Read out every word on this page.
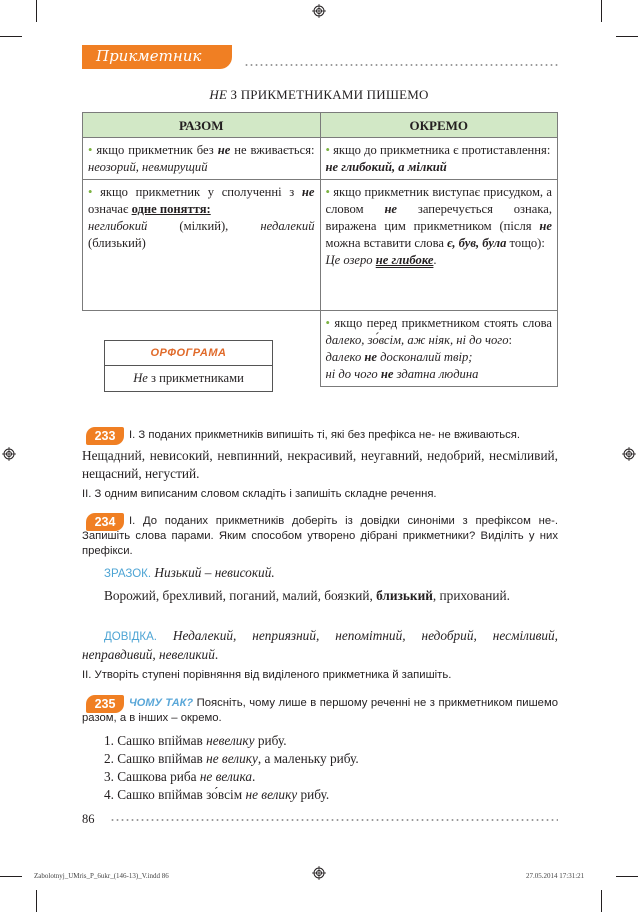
Прикметник
НЕ З ПРИКМЕТНИКАМИ ПИШЕМО
РАЗОМ	ОКРЕМО
• якщо прикметник без не не вживається: неозорий, невмирущий	• якщо до прикметника є протиставлення:
не глибокий, а мілкий
• якщо прикметник у сполученні з не означає одне поняття:
неглибокий (мілкий), недалекий (близький)	• якщо прикметник виступає присудком, а словом не заперечується ознака, виражена цим прикметником (після не можна вставити слова є, був, була тощо):
Це озеро не глибоке.
	• якщо перед прикметником стоять слова далеко, зо́всім, аж ніяк, ні до чого:
далеко не досконалий твір;
ні до чого не здатна людина
ОРФОГРАМА
Не з прикметниками
233	І. З поданих прикметників випишіть ті, які без префікса не- не вживаються.
Нещадний, невисокий, невпинний, некрасивий, неугавний, недобрий, несміливий, нещасний, негустий.
ІІ. З одним виписаним словом складіть і запишіть складне речення.
234	І. До поданих прикметників доберіть із довідки синоніми з префіксом не-. Запишіть слова парами. Яким способом утворено дібрані прикметники? Виділіть у них префікси.
ЗРАЗОК. Низький – невисокий.
Ворожий, брехливий, поганий, малий, боязкий, близький, прихований.
ДОВІДКА. Недалекий, неприязний, непомітний, недобрий, несміливий, неправдивий, невеликий.
ІІ. Утворіть ступені порівняння від виділеного прикметника й запишіть.
235	ЧОМУ ТАК? Поясніть, чому лише в першому реченні не з прикметником пишемо разом, а в інших – окремо.
1. Сашко впіймав невелику рибу.
2. Сашко впіймав не велику, а маленьку рибу.
3. Сашкова риба не велика.
4. Сашко впіймав зо́всім не велику рибу.
86
Zabolotnyj_UMris_P_6ukr_(146-13)_V.indd 86	27.05.2014 17:31:21
